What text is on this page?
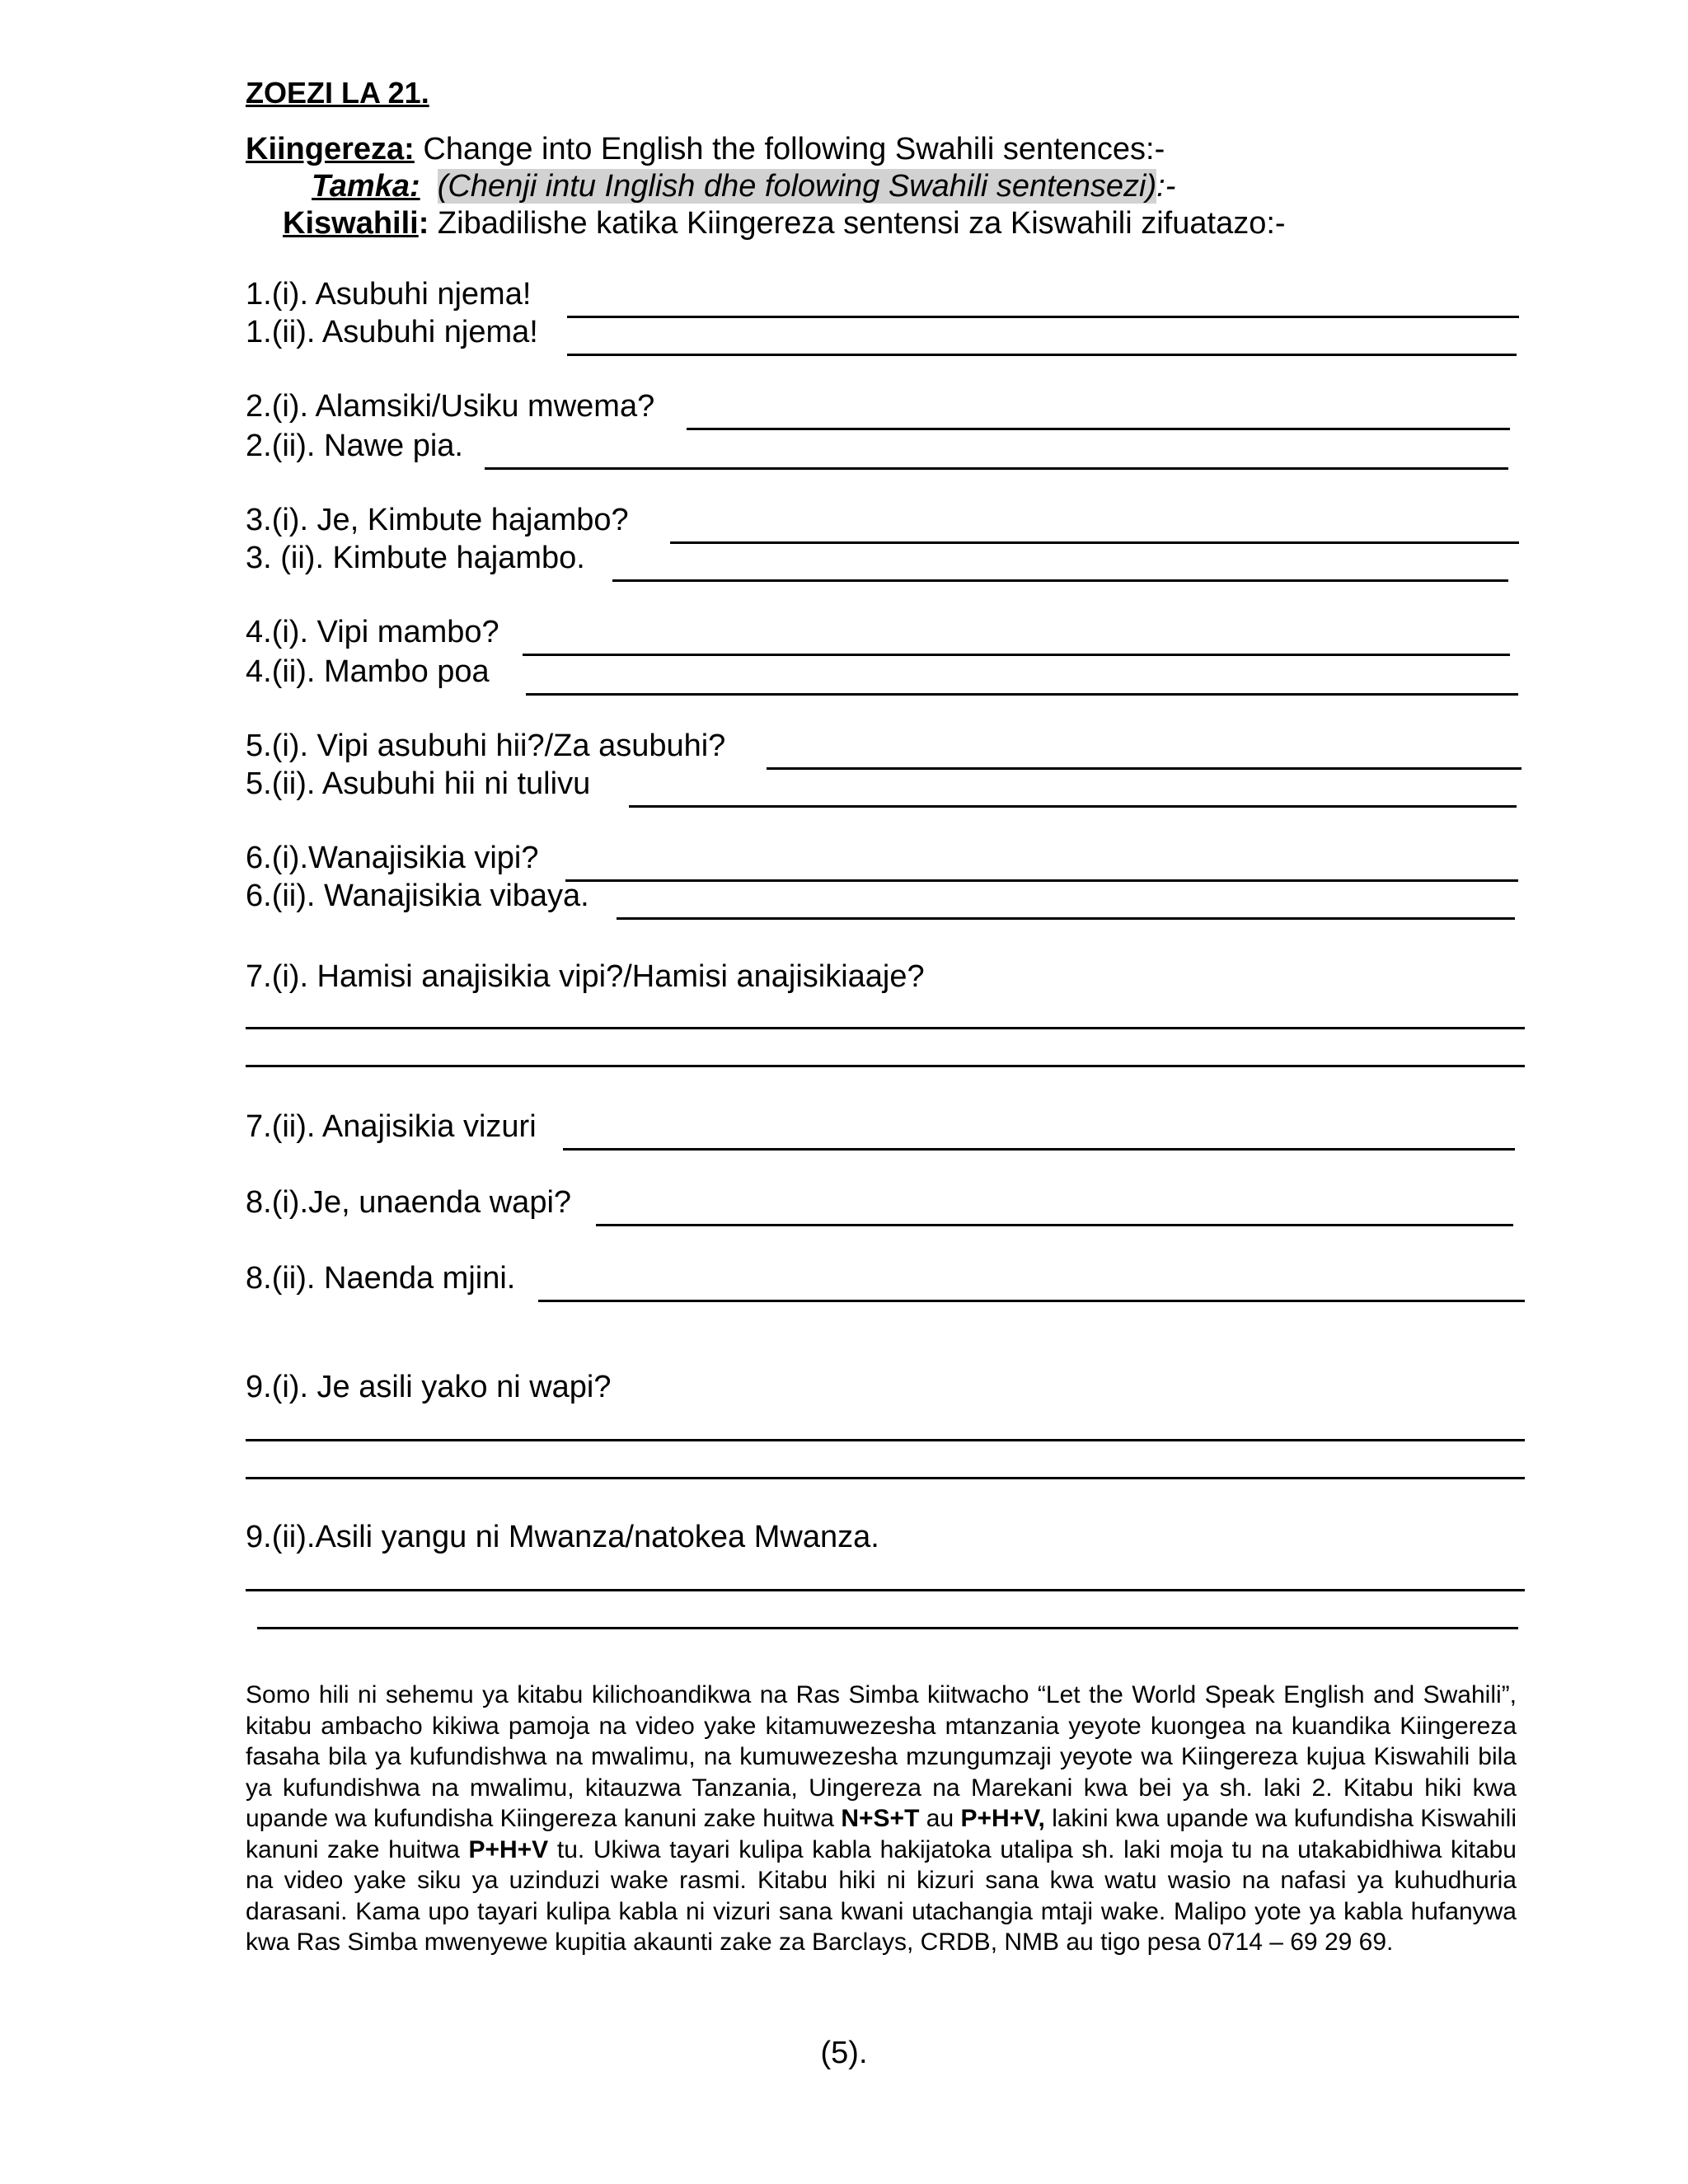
ZOEZI LA 21.
Kiingereza: Change into English the following Swahili sentences:-
Tamka: (Chenji intu Inglish dhe folowing Swahili sentensezi):-
Kiswahili: Zibadilishe katika Kiingereza sentensi za Kiswahili zifuatazo:-
1.(i). Asubuhi njema!
1.(ii). Asubuhi njema!
2.(i). Alamsiki/Usiku mwema?
2.(ii). Nawe pia.
3.(i). Je, Kimbute hajambo?
3. (ii). Kimbute hajambo.
4.(i). Vipi mambo?
4.(ii). Mambo poa
5.(i). Vipi asubuhi hii?/Za asubuhi?
5.(ii). Asubuhi hii ni tulivu
6.(i).Wanajisikia vipi?
6.(ii). Wanajisikia vibaya.
7.(i). Hamisi anajisikia vipi?/Hamisi anajisikiaaje?
7.(ii). Anajisikia vizuri
8.(i).Je, unaenda wapi?
8.(ii). Naenda mjini.
9.(i). Je asili yako ni wapi?
9.(ii).Asili yangu ni Mwanza/natokea Mwanza.
Somo hili ni sehemu ya kitabu kilichoandikwa na Ras Simba kiitwacho “Let the World Speak English and Swahili”, kitabu ambacho kikiwa pamoja na video yake kitamuwezesha mtanzania yeyote kuongea na kuandika Kiingereza fasaha bila ya kufundishwa na mwalimu, na kumuwezesha mzungumzaji yeyote wa Kiingereza kujua Kiswahili bila ya kufundishwa na mwalimu, kitauzwa Tanzania, Uingereza na Marekani kwa bei ya sh. laki 2. Kitabu hiki kwa upande wa kufundisha Kiingereza kanuni zake huitwa N+S+T au P+H+V, lakini kwa upande wa kufundisha Kiswahili kanuni zake huitwa P+H+V tu. Ukiwa tayari kulipa kabla hakijatoka utalipa sh. laki moja tu na utakabidhiwa kitabu na video yake siku ya uzinduzi wake rasmi. Kitabu hiki ni kizuri sana kwa watu wasio na nafasi ya kuhudhuria darasani. Kama upo tayari kulipa kabla ni vizuri sana kwani utachangia mtaji wake. Malipo yote ya kabla hufanywa kwa Ras Simba mwenyewe kupitia akaunti zake za Barclays, CRDB, NMB au tigo pesa 0714 – 69 29 69.
(5).
